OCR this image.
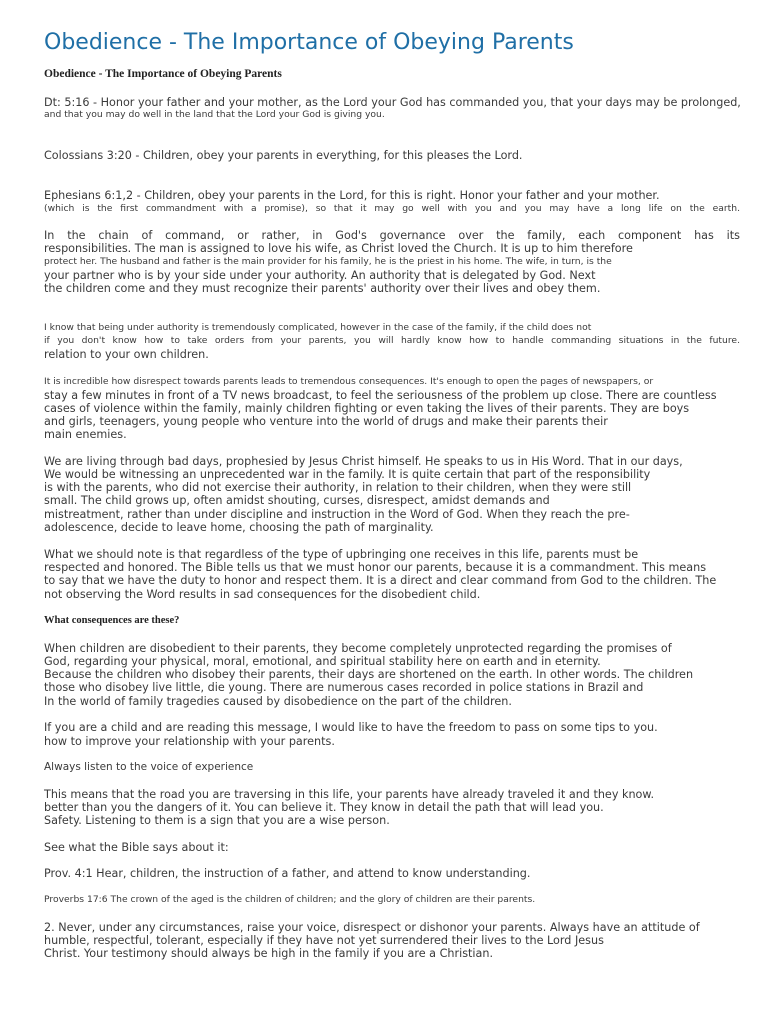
Obedience - The Importance of Obeying Parents

Obedience - The Importance of Obeying Parents

Dt: 5:16 - Honor your father and your mother, as the Lord your God has commanded you, that your days may be prolonged,

and that you may do well in the land that the Lord your God is giving you.

Colossians 3:20 - Children, obey your parents in everything, for this pleases the Lord.

Ephesians 6:1,2 - Children, obey your parents in the Lord, for this is right. Honor your father and your mother.

(which is the first commandment with a promise), so that it may go well with you and you may have a long life on the earth.

In the chain of command, or rather, in God's governance over the family, each component has its

responsibilities. The man is assigned to love his wife, as Christ loved the Church. It is up to him therefore

protect her. The husband and father is the main provider for his family, he is the priest in his home. The wife, in turn, is the

your partner who is by your side under your authority. An authority that is delegated by God. Next

the children come and they must recognize their parents' authority over their lives and obey them.

I know that being under authority is tremendously complicated, however in the case of the family, if the child does not

if you don't know how to take orders from your parents, you will hardly know how to handle commanding situations in the future.

relation to your own children.

It is incredible how disrespect towards parents leads to tremendous consequences. It's enough to open the pages of newspapers, or

stay a few minutes in front of a TV news broadcast, to feel the seriousness of the problem up close. There are countless

cases of violence within the family, mainly children fighting or even taking the lives of their parents. They are boys

and girls, teenagers, young people who venture into the world of drugs and make their parents their

main enemies.

We are living through bad days, prophesied by Jesus Christ himself. He speaks to us in His Word. That in our days,

We would be witnessing an unprecedented war in the family. It is quite certain that part of the responsibility

is with the parents, who did not exercise their authority, in relation to their children, when they were still

small. The child grows up, often amidst shouting, curses, disrespect, amidst demands and

mistreatment, rather than under discipline and instruction in the Word of God. When they reach the pre-

adolescence, decide to leave home, choosing the path of marginality.

What we should note is that regardless of the type of upbringing one receives in this life, parents must be

respected and honored. The Bible tells us that we must honor our parents, because it is a commandment. This means

to say that we have the duty to honor and respect them. It is a direct and clear command from God to the children. The

not observing the Word results in sad consequences for the disobedient child.

What consequences are these?

When children are disobedient to their parents, they become completely unprotected regarding the promises of

God, regarding your physical, moral, emotional, and spiritual stability here on earth and in eternity.

Because the children who disobey their parents, their days are shortened on the earth. In other words. The children

those who disobey live little, die young. There are numerous cases recorded in police stations in Brazil and

In the world of family tragedies caused by disobedience on the part of the children.

If you are a child and are reading this message, I would like to have the freedom to pass on some tips to you.

how to improve your relationship with your parents.

Always listen to the voice of experience

This means that the road you are traversing in this life, your parents have already traveled it and they know.

better than you the dangers of it. You can believe it. They know in detail the path that will lead you.

Safety. Listening to them is a sign that you are a wise person.

See what the Bible says about it:

Prov. 4:1 Hear, children, the instruction of a father, and attend to know understanding.

Proverbs 17:6 The crown of the aged is the children of children; and the glory of children are their parents.

2. Never, under any circumstances, raise your voice, disrespect or dishonor your parents. Always have an attitude of

humble, respectful, tolerant, especially if they have not yet surrendered their lives to the Lord Jesus

Christ. Your testimony should always be high in the family if you are a Christian.
